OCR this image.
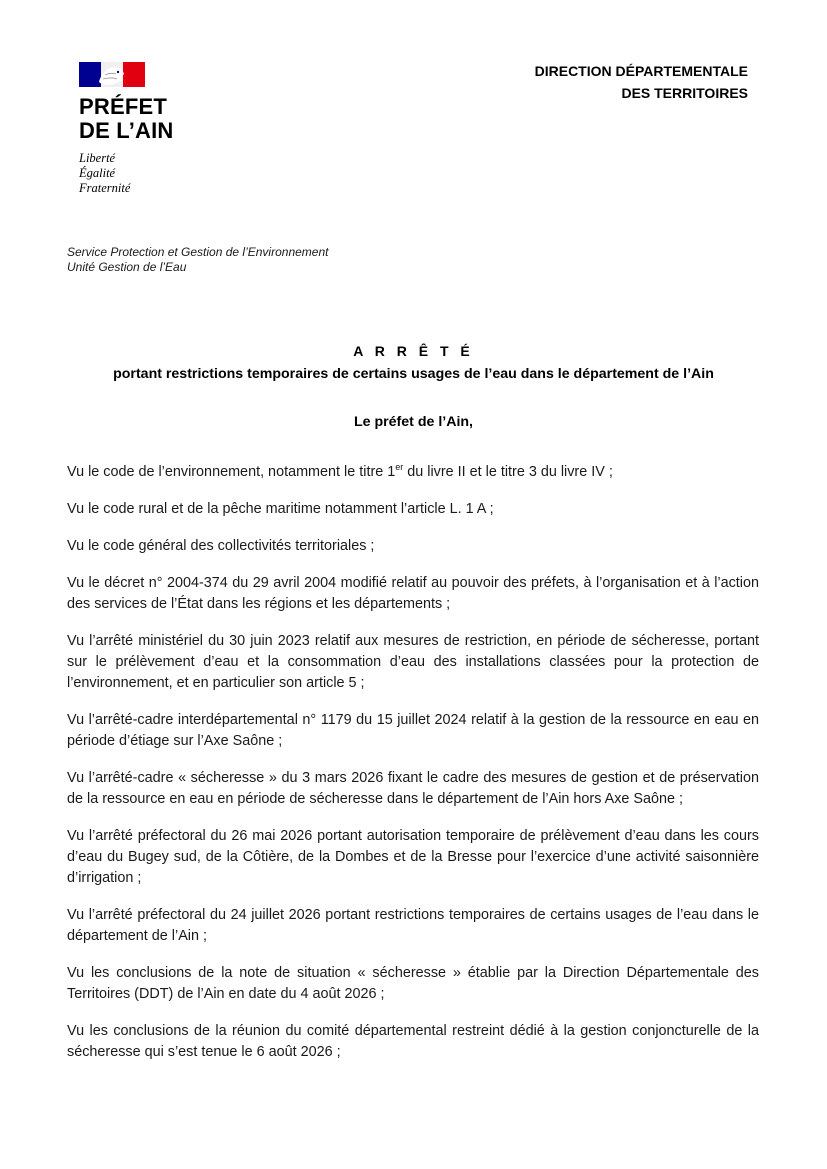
PRÉFET
DE L’AIN
Liberté
Égalité
Fraternité
DIRECTION DÉPARTEMENTALE
DES TERRITOIRES
Service Protection et Gestion de l’Environnement
Unité Gestion de l’Eau
A R R Ê T É
portant restrictions temporaires de certains usages de l’eau dans le département de l’Ain
Le préfet de l’Ain,

Vu le code de l’environnement, notamment le titre 1er du livre II et le titre 3 du livre IV ;

Vu le code rural et de la pêche maritime notamment l’article L. 1 A ;

Vu le code général des collectivités territoriales ;

Vu le décret n° 2004-374 du 29 avril 2004 modifié relatif au pouvoir des préfets, à l’organisation et à l’action des services de l’État dans les régions et les départements ;

Vu l’arrêté ministériel du 30 juin 2023 relatif aux mesures de restriction, en période de sécheresse, portant sur le prélèvement d’eau et la consommation d’eau des installations classées pour la protection de l’environnement, et en particulier son article 5 ;

Vu l’arrêté-cadre interdépartemental n° 1179 du 15 juillet 2024 relatif à la gestion de la ressource en eau en période d’étiage sur l’Axe Saône ;

Vu l’arrêté-cadre « sécheresse » du 3 mars 2026 fixant le cadre des mesures de gestion et de préservation de la ressource en eau en période de sécheresse dans le département de l’Ain hors Axe Saône ;

Vu l’arrêté préfectoral du 26 mai 2026 portant autorisation temporaire de prélèvement d’eau dans les cours d’eau du Bugey sud, de la Côtière, de la Dombes et de la Bresse pour l’exercice d’une activité saisonnière d’irrigation ;

Vu l’arrêté préfectoral du 24 juillet 2026 portant restrictions temporaires de certains usages de l’eau dans le département de l’Ain ;

Vu les conclusions de la note de situation « sécheresse » établie par la Direction Départementale des Territoires (DDT) de l’Ain en date du 4 août 2026 ;

Vu les conclusions de la réunion du comité départemental restreint dédié à la gestion conjoncturelle de la sécheresse qui s’est tenue le 6 août 2026 ;
